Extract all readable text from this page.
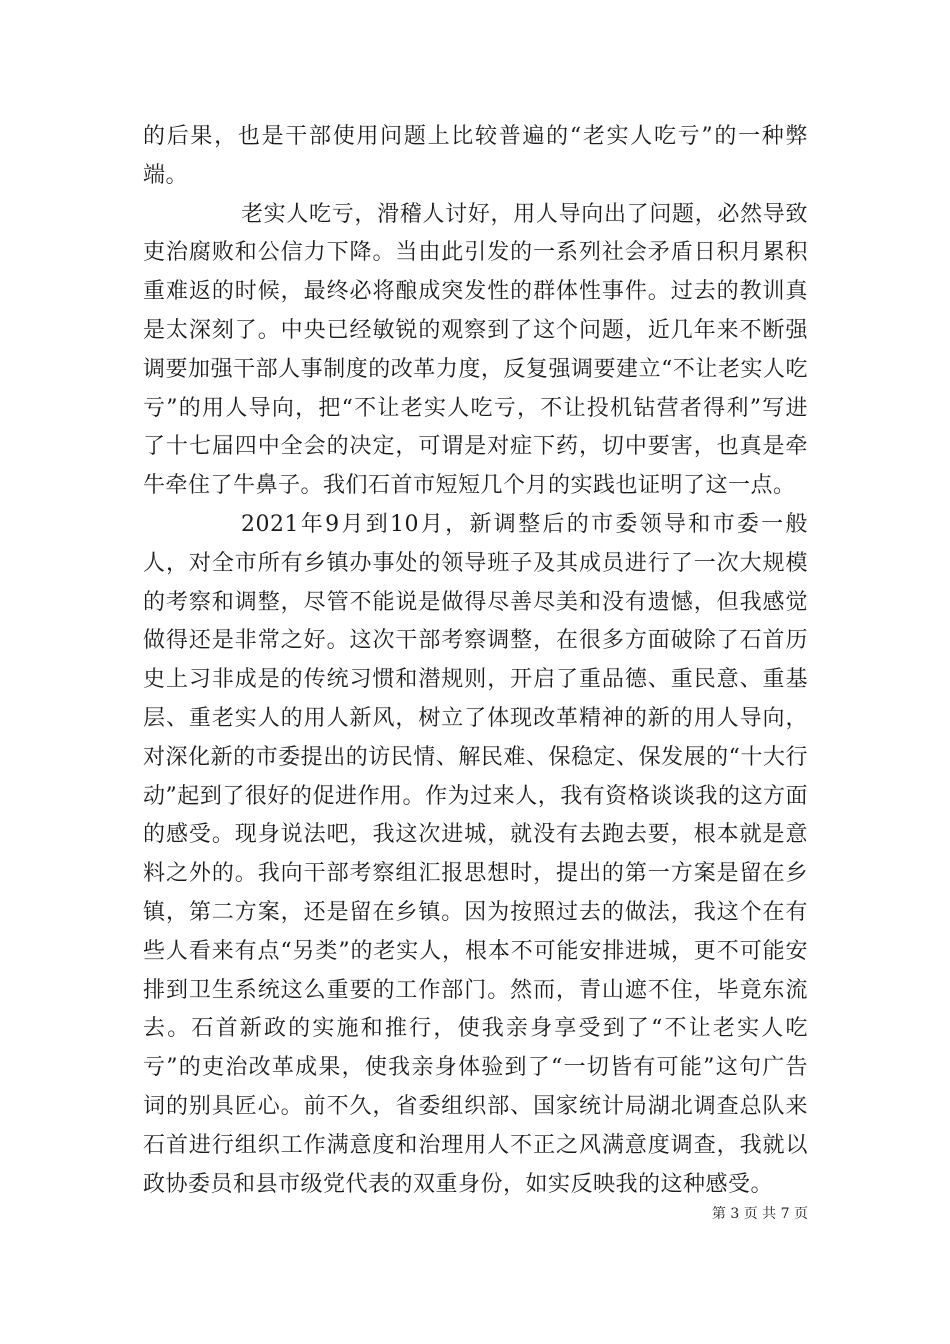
的后果，也是干部使用问题上比较普遍的“老实人吃亏”的一种弊端。

老实人吃亏，滑稽人讨好，用人导向出了问题，必然导致吏治腐败和公信力下降。当由此引发的一系列社会矛盾日积月累积重难返的时候，最终必将酿成突发性的群体性事件。过去的教训真是太深刻了。中央已经敏锐的观察到了这个问题，近几年来不断强调要加强干部人事制度的改革力度，反复强调要建立“不让老实人吃亏”的用人导向，把“不让老实人吃亏，不让投机钻营者得利”写进了十七届四中全会的决定，可谓是对症下药，切中要害，也真是牵牛牵住了牛鼻子。我们石首市短短几个月的实践也证明了这一点。

2021年9月到10月，新调整后的市委领导和市委一般人，对全市所有乡镇办事处的领导班子及其成员进行了一次大规模的考察和调整，尽管不能说是做得尽善尽美和没有遗憾，但我感觉做得还是非常之好。这次干部考察调整，在很多方面破除了石首历史上习非成是的传统习惯和潜规则，开启了重品德、重民意、重基层、重老实人的用人新风，树立了体现改革精神的新的用人导向，对深化新的市委提出的访民情、解民难、保稳定、保发展的“十大行动”起到了很好的促进作用。作为过来人，我有资格谈谈我的这方面的感受。现身说法吧，我这次进城，就没有去跑去要，根本就是意料之外的。我向干部考察组汇报思想时，提出的第一方案是留在乡镇，第二方案，还是留在乡镇。因为按照过去的做法，我这个在有些人看来有点“另类”的老实人，根本不可能安排进城，更不可能安排到卫生系统这么重要的工作部门。然而，青山遮不住，毕竟东流去。石首新政的实施和推行，使我亲身享受到了“不让老实人吃亏”的吏治改革成果，使我亲身体验到了“一切皆有可能”这句广告词的别具匠心。前不久，省委组织部、国家统计局湖北调查总队来石首进行组织工作满意度和治理用人不正之风满意度调查，我就以政协委员和县市级党代表的双重身份，如实反映我的这种感受。

第 3 页 共 7 页
